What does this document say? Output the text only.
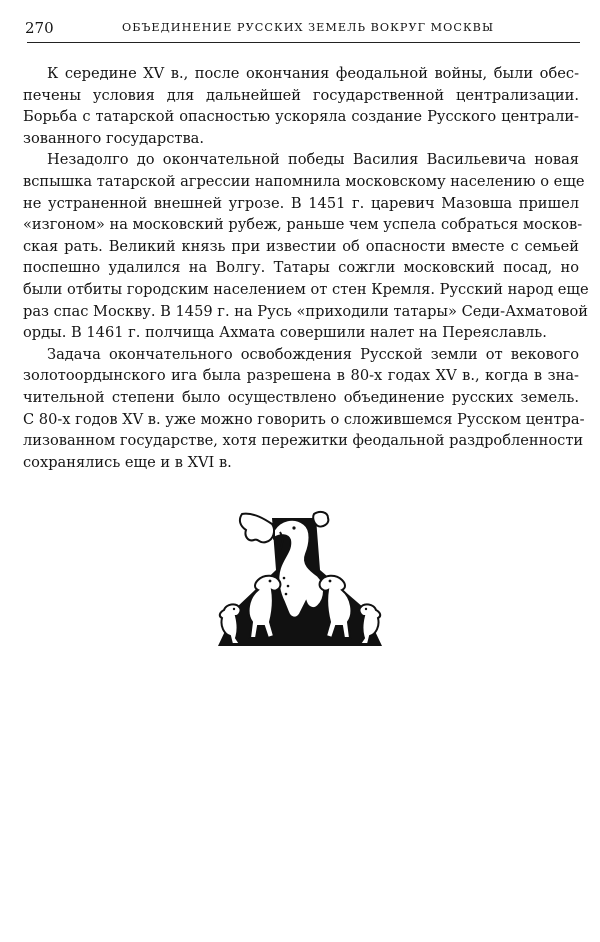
270	ОБЪЕДИНЕНИЕ РУССКИХ ЗЕМЕЛЬ ВОКРУГ МОСКВЫ
К середине XV в., после окончания феодальной войны, были обес-
печены условия для дальнейшей государственной централизации.
Борьба с татарской опасностью ускоряла создание Русского централи-
зованного государства.
Незадолго до окончательной победы Василия Васильевича новая
вспышка татарской агрессии напомнила московскому населению о еще
не устраненной внешней угрозе. В 1451 г. царевич Мазовша пришел
«изгоном» на московский рубеж, раньше чем успела собраться москов-
ская рать. Великий князь при известии об опасности вместе с семьей
поспешно удалился на Волгу. Татары сожгли московский посад, но
были отбиты городским населением от стен Кремля. Русский народ еще
раз спас Москву. В 1459 г. на Русь «приходили татары» Седи-Ахматовой
орды. В 1461 г. полчища Ахмата совершили налет на Переяславль.
Задача окончательного освобождения Русской земли от векового
золотоордынского ига была разрешена в 80-х годах XV в., когда в зна-
чительной степени было осуществлено объединение русских земель.
С 80-х годов XV в. уже можно говорить о сложившемся Русском центра-
лизованном государстве, хотя пережитки феодальной раздробленности
сохранялись еще и в XVI в.
